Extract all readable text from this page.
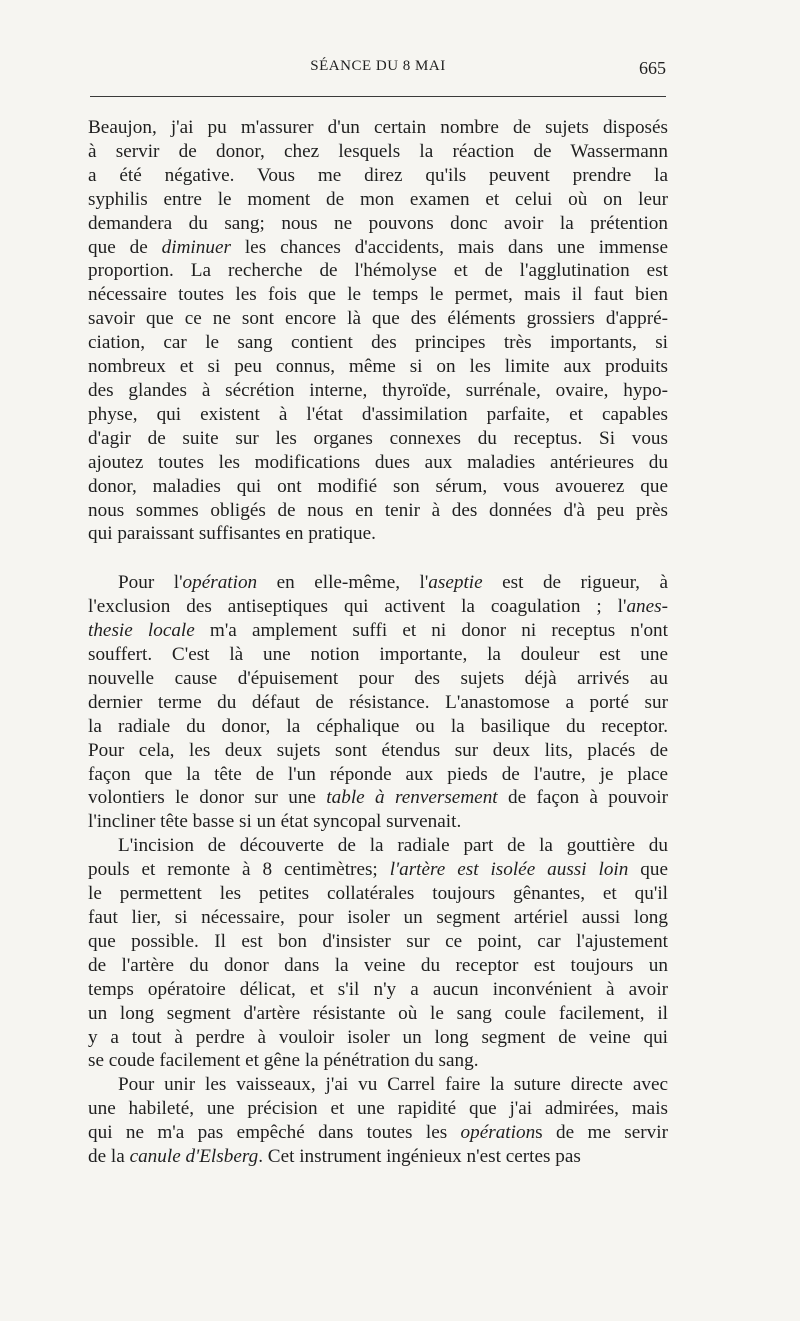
SÉANCE DU 8 MAI	665

Beaujon, j'ai pu m'assurer d'un certain nombre de sujets disposés
à servir de donor, chez lesquels la réaction de Wassermann
a été négative. Vous me direz qu'ils peuvent prendre la
syphilis entre le moment de mon examen et celui où on leur
demandera du sang; nous ne pouvons donc avoir la prétention
que de diminuer les chances d'accidents, mais dans une immense
proportion. La recherche de l'hémolyse et de l'agglutination est
nécessaire toutes les fois que le temps le permet, mais il faut bien
savoir que ce ne sont encore là que des éléments grossiers d'appré-
ciation, car le sang contient des principes très importants, si
nombreux et si peu connus, même si on les limite aux produits
des glandes à sécrétion interne, thyroïde, surrénale, ovaire, hypo-
physe, qui existent à l'état d'assimilation parfaite, et capables
d'agir de suite sur les organes connexes du receptus. Si vous
ajoutez toutes les modifications dues aux maladies antérieures du
donor, maladies qui ont modifié son sérum, vous avouerez que
nous sommes obligés de nous en tenir à des données d'à peu près
qui paraissant suffisantes en pratique.

Pour l'opération en elle-même, l'aseptie est de rigueur, à
l'exclusion des antiseptiques qui activent la coagulation ; l'anes-
thesie locale m'a amplement suffi et ni donor ni receptus n'ont
souffert. C'est là une notion importante, la douleur est une
nouvelle cause d'épuisement pour des sujets déjà arrivés au
dernier terme du défaut de résistance. L'anastomose a porté sur
la radiale du donor, la céphalique ou la basilique du receptor.
Pour cela, les deux sujets sont étendus sur deux lits, placés de
façon que la tête de l'un réponde aux pieds de l'autre, je place
volontiers le donor sur une table à renversement de façon à pouvoir
l'incliner tête basse si un état syncopal survenait.

L'incision de découverte de la radiale part de la gouttière du
pouls et remonte à 8 centimètres; l'artère est isolée aussi loin que
le permettent les petites collatérales toujours gênantes, et qu'il
faut lier, si nécessaire, pour isoler un segment artériel aussi long
que possible. Il est bon d'insister sur ce point, car l'ajustement
de l'artère du donor dans la veine du receptor est toujours un
temps opératoire délicat, et s'il n'y a aucun inconvénient à avoir
un long segment d'artère résistante où le sang coule facilement, il
y a tout à perdre à vouloir isoler un long segment de veine qui
se coude facilement et gêne la pénétration du sang.

Pour unir les vaisseaux, j'ai vu Carrel faire la suture directe avec
une habileté, une précision et une rapidité que j'ai admirées, mais
qui ne m'a pas empêché dans toutes les opérations de me servir
de la canule d'Elsberg. Cet instrument ingénieux n'est certes pas
